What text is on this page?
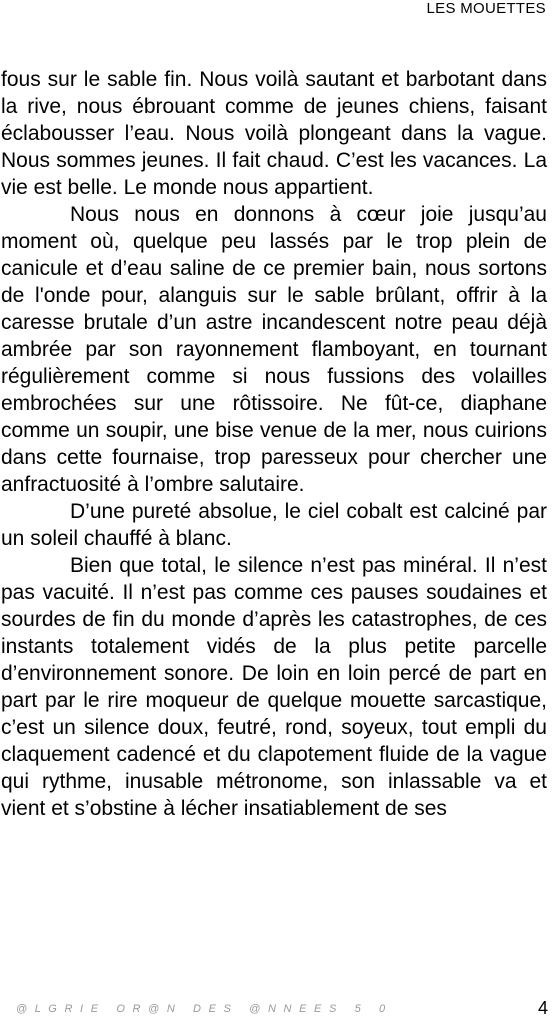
LES MOUETTES

fous sur le sable fin. Nous voilà sautant et barbotant dans la rive, nous ébrouant comme de jeunes chiens, faisant éclabousser l’eau. Nous voilà plongeant dans la vague. Nous sommes jeunes. Il fait chaud. C’est les vacances. La vie est belle. Le monde nous appartient.

Nous nous en donnons à cœur joie jusqu’au moment où, quelque peu lassés par le trop plein de canicule et d’eau saline de ce premier bain, nous sortons de l'onde pour, alanguis sur le sable brûlant, offrir à la caresse brutale d’un astre incandescent notre peau déjà ambrée par son rayonnement flamboyant, en tournant régulièrement comme si nous fussions des volailles embrochées sur une rôtissoire. Ne fût-ce, diaphane comme un soupir, une bise venue de la mer, nous cuirions dans cette fournaise, trop paresseux pour chercher une anfractuosité à l’ombre salutaire.

D’une pureté absolue, le ciel cobalt est calciné par un soleil chauffé à blanc.

Bien que total, le silence n’est pas minéral. Il n’est pas vacuité. Il n’est pas comme ces pauses soudaines et sourdes de fin du monde d’après les catastrophes, de ces instants totalement vidés de la plus petite parcelle d’environnement sonore. De loin en loin percé de part en part par le rire moqueur de quelque mouette sarcastique, c’est un silence doux, feutré, rond, soyeux, tout empli du claquement cadencé et du clapotement fluide de la vague qui rythme, inusable métronome, son inlassable va et vient et s’obstine à lécher insatiablement de ses

@  L  G  R  I  E     O  R  @  N     D  E  S     @  N  N  E  E  S     5     0	4
